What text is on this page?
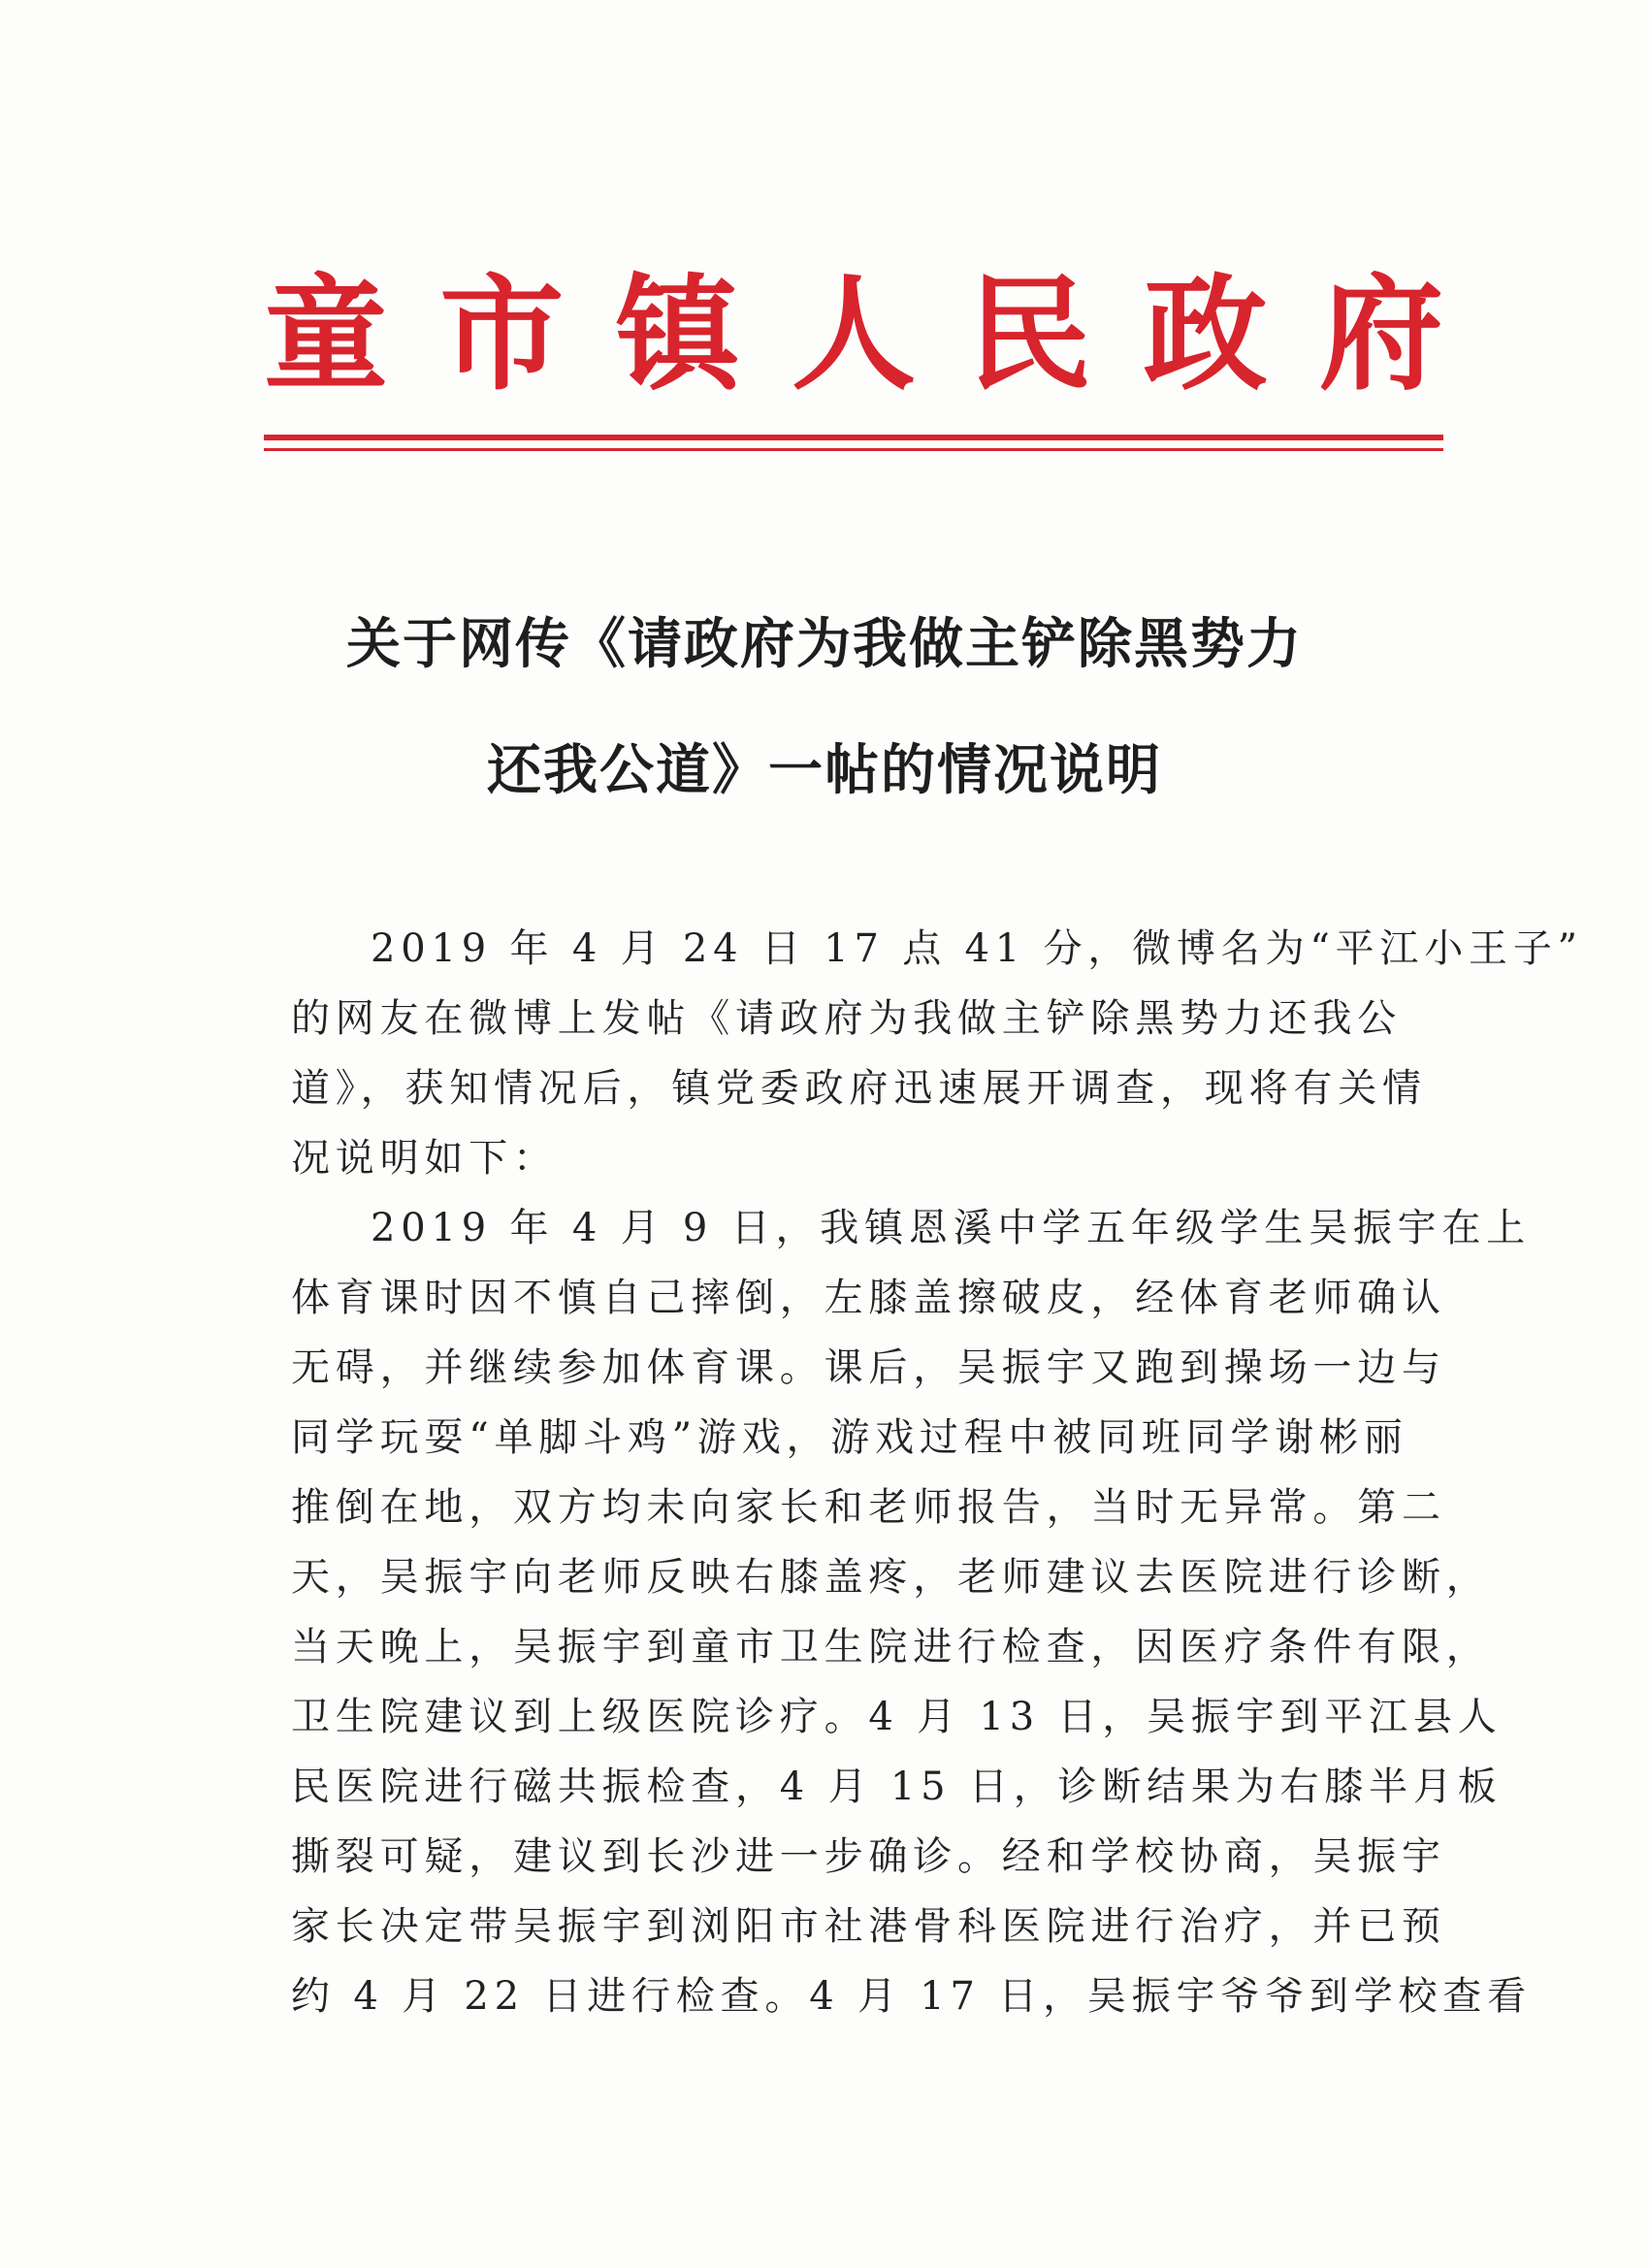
童 市 镇 人 民 政 府
关于网传《请政府为我做主铲除黑势力
还我公道》一帖的情况说明
2019 年 4 月 24 日 17 点 41 分，微博名为“平江小王子”
的网友在微博上发帖《请政府为我做主铲除黑势力还我公
道》，获知情况后，镇党委政府迅速展开调查，现将有关情
况说明如下：
2019 年 4 月 9 日，我镇恩溪中学五年级学生吴振宇在上
体育课时因不慎自己摔倒，左膝盖擦破皮，经体育老师确认
无碍，并继续参加体育课。课后，吴振宇又跑到操场一边与
同学玩耍“单脚斗鸡”游戏，游戏过程中被同班同学谢彬丽
推倒在地，双方均未向家长和老师报告，当时无异常。第二
天，吴振宇向老师反映右膝盖疼，老师建议去医院进行诊断，
当天晚上，吴振宇到童市卫生院进行检查，因医疗条件有限，
卫生院建议到上级医院诊疗。4 月 13 日，吴振宇到平江县人
民医院进行磁共振检查，4 月 15 日，诊断结果为右膝半月板
撕裂可疑，建议到长沙进一步确诊。经和学校协商，吴振宇
家长决定带吴振宇到浏阳市社港骨科医院进行治疗，并已预
约 4 月 22 日进行检查。4 月 17 日，吴振宇爷爷到学校查看
